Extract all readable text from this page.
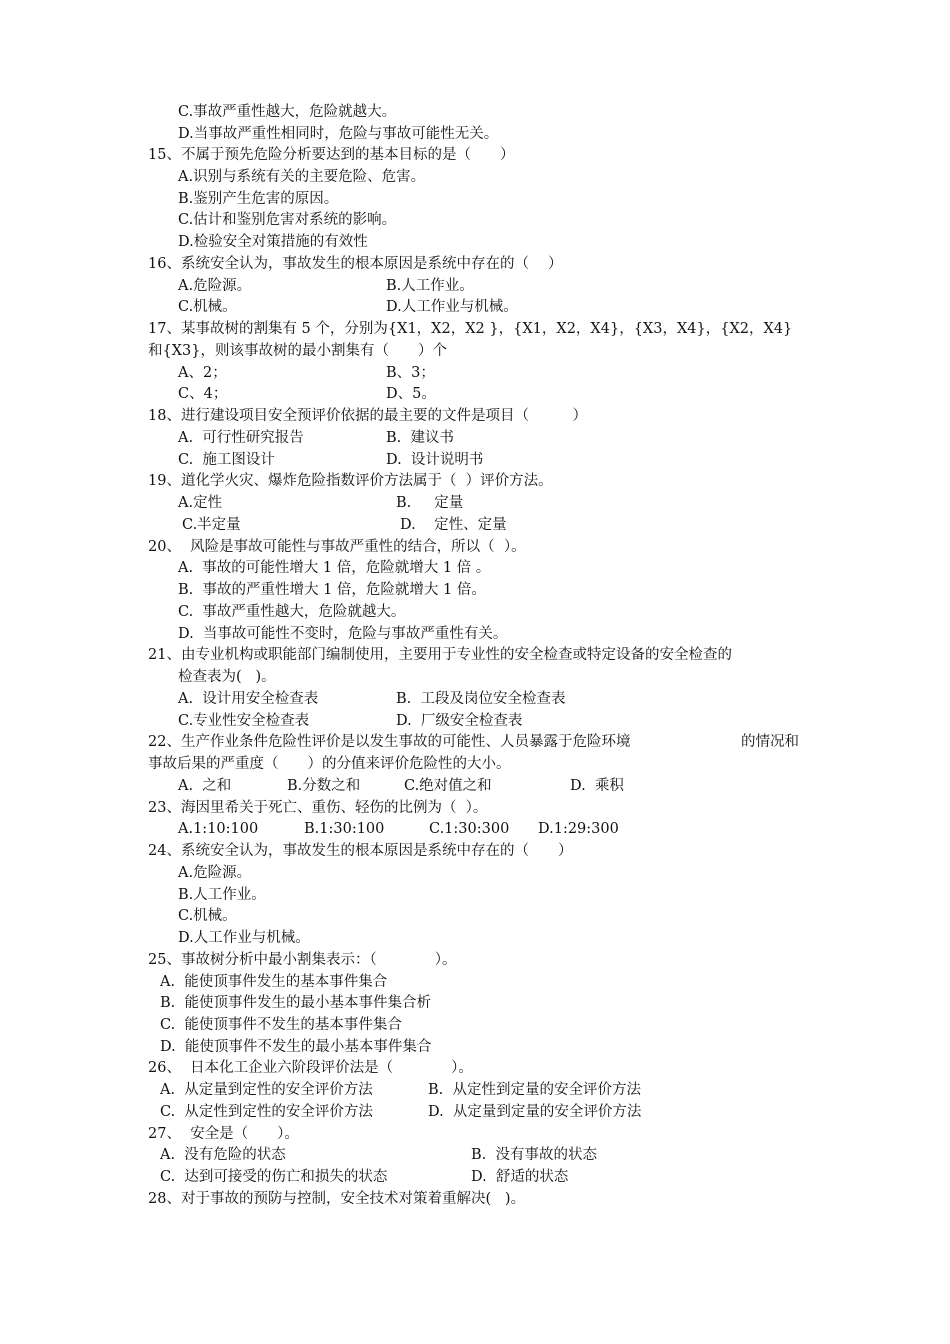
C.事故严重性越大，危险就越大。
D.当事故严重性相同时，危险与事故可能性无关。
15、不属于预先危险分析要达到的基本目标的是（　　）
A.识别与系统有关的主要危险、危害。
B.鉴别产生危害的原因。
C.估计和鉴别危害对系统的影响。
D.检验安全对策措施的有效性
16、系统安全认为，事故发生的根本原因是系统中存在的（　 ）
A.危险源。	B.人工作业。
C.机械。	D.人工作业与机械。
17、某事故树的割集有 5 个，分别为{X1，X2，X2 }，{X1，X2，X4}，{X3，X4}，{X2，X4}
和{X3}，则该事故树的最小割集有（　　）个
A、2；	B、3；
C、4；	D、5。
18、进行建设项目安全预评价依据的最主要的文件是项目（　　　）
A.  可行性研究报告	B.  建议书
C.  施工图设计	D.  设计说明书
19、道化学火灾、爆炸危险指数评价方法属于（  ）评价方法。
A.定性	B.     定量
C.半定量	D.    定性、定量
20、  风险是事故可能性与事故严重性的结合，所以（  ）。
A.  事故的可能性增大 1 倍，危险就增大 1 倍 。
B.  事故的严重性增大 1 倍，危险就增大 1 倍。
C.  事故严重性越大，危险就越大。
D.  当事故可能性不变时，危险与事故严重性有关。
21、由专业机构或职能部门编制使用，主要用于专业性的安全检查或特定设备的安全检查的
检查表为(   )。
A.  设计用安全检查表	B.  工段及岗位安全检查表
C.专业性安全检查表	D.  厂级安全检查表
22、生产作业条件危险性评价是以发生事故的可能性、人员暴露于危险环境	的情况和
事故后果的严重度（　　）的分值来评价危险性的大小。
A.  之和	B.分数之和	C.绝对值之和	D.  乘积
23、海因里希关于死亡、重伤、轻伤的比例为（  ）。
A.1:10:100	B.1:30:100	C.1:30:300 D.1:29:300
24、系统安全认为，事故发生的根本原因是系统中存在的（　　）
A.危险源。
B.人工作业。
C.机械。
D.人工作业与机械。
25、事故树分析中最小割集表示：（　　　　）。
A.  能使顶事件发生的基本事件集合
B.  能使顶事件发生的最小基本事件集合析
C.  能使顶事件不发生的基本事件集合
D.  能使顶事件不发生的最小基本事件集合
26、  日本化工企业六阶段评价法是（　　　　）。
A.  从定量到定性的安全评价方法	B.  从定性到定量的安全评价方法
C.  从定性到定性的安全评价方法	D.  从定量到定量的安全评价方法
27、  安全是（　　）。
A.  没有危险的状态	B.  没有事故的状态
C.  达到可接受的伤亡和损失的状态	D.  舒适的状态
28、对于事故的预防与控制，安全技术对策着重解决(   )。
